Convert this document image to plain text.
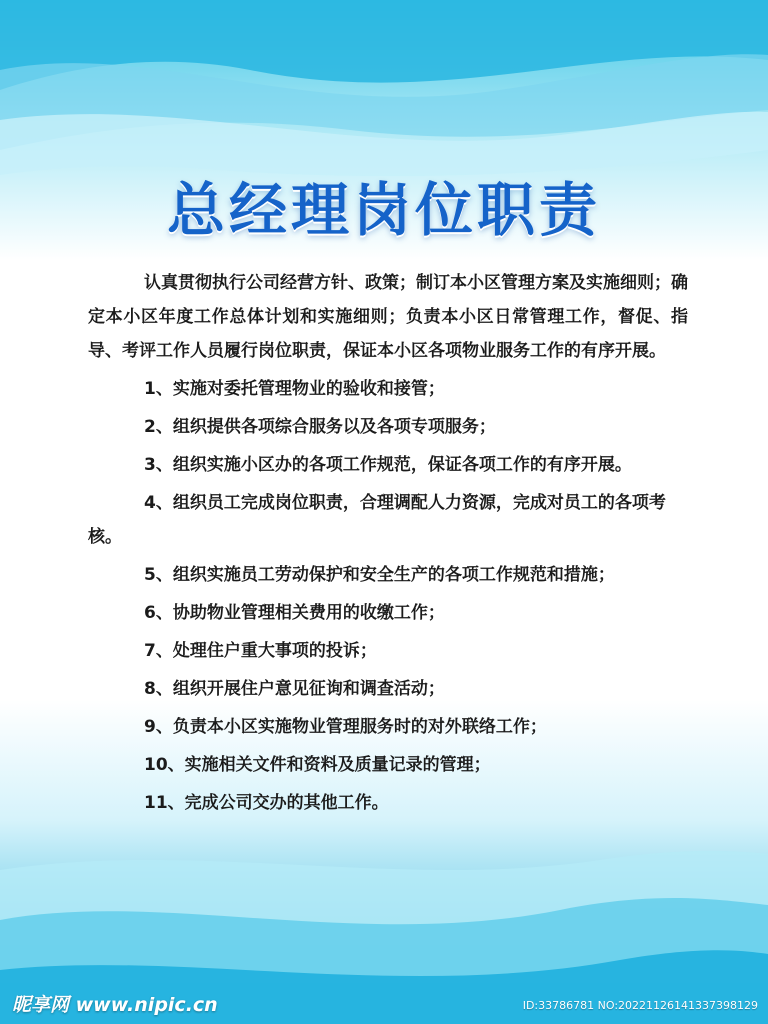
总经理岗位职责

认真贯彻执行公司经营方针、政策；制订本小区管理方案及实施细则；确定本小区年度工作总体计划和实施细则；负责本小区日常管理工作，督促、指导、考评工作人员履行岗位职责，保证本小区各项物业服务工作的有序开展。

1、实施对委托管理物业的验收和接管；

2、组织提供各项综合服务以及各项专项服务；

3、组织实施小区办的各项工作规范，保证各项工作的有序开展。

4、组织员工完成岗位职责，合理调配人力资源，完成对员工的各项考核。

5、组织实施员工劳动保护和安全生产的各项工作规范和措施；

6、协助物业管理相关费用的收缴工作；

7、处理住户重大事项的投诉；

8、组织开展住户意见征询和调查活动；

9、负责本小区实施物业管理服务时的对外联络工作；

10、实施相关文件和资料及质量记录的管理；

11、完成公司交办的其他工作。

昵享网 www.nipic.cn	ID:33786781 NO:20221126141337398129
